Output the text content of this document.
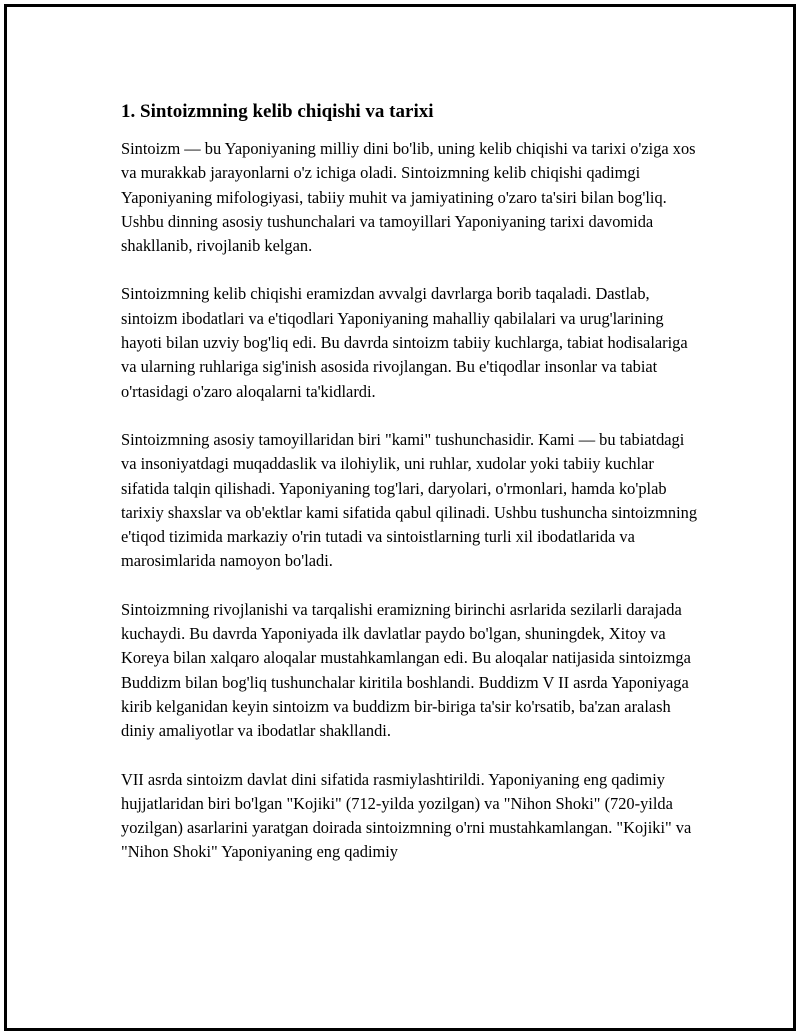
1. Sintoizmning kelib chiqishi va tarixi

Sintoizm — bu Yaponiyaning milliy dini bo'lib, uning kelib chiqishi va tarixi o'ziga xos va murakkab jarayonlarni o'z ichiga oladi. Sintoizmning kelib chiqishi qadimgi Yaponiyaning mifologiyasi, tabiiy muhit va jamiyatining o'zaro ta'siri bilan bog'liq. Ushbu dinning asosiy tushunchalari va tamoyillari Yaponiyaning tarixi davomida shakllanib, rivojlanib kelgan.

Sintoizmning kelib chiqishi eramizdan avvalgi davrlarga borib taqaladi. Dastlab, sintoizm ibodatlari va e'tiqodlari Yaponiyaning mahalliy qabilalari va urug'larining hayoti bilan uzviy bog'liq edi. Bu davrda sintoizm tabiiy kuchlarga, tabiat hodisalariga va ularning ruhlariga sig'inish asosida rivojlangan. Bu e'tiqodlar insonlar va tabiat o'rtasidagi o'zaro aloqalarni ta'kidlardi.

Sintoizmning asosiy tamoyillaridan biri "kami" tushunchasidir. Kami — bu tabiatdagi va insoniyatdagi muqaddaslik va ilohiylik, uni ruhlar, xudolar yoki tabiiy kuchlar sifatida talqin qilishadi. Yaponiyaning tog'lari, daryolari, o'rmonlari, hamda ko'plab tarixiy shaxslar va ob'ektlar kami sifatida qabul qilinadi. Ushbu tushuncha sintoizmning e'tiqod tizimida markaziy o'rin tutadi va sintoistlarning turli xil ibodatlarida va marosimlarida namoyon bo'ladi.

Sintoizmning rivojlanishi va tarqalishi eramizning birinchi asrlarida sezilarli darajada kuchaydi. Bu davrda Yaponiyada ilk davlatlar paydo bo'lgan, shuningdek, Xitoy va Koreya bilan xalqaro aloqalar mustahkamlangan edi. Bu aloqalar natijasida sintoizmga Buddizm bilan bog'liq tushunchalar kiritila boshlandi. Buddizm V II asrda Yaponiyaga kirib kelganidan keyin sintoizm va buddizm bir-biriga ta'sir ko'rsatib, ba'zan aralash diniy amaliyotlar va ibodatlar shakllandi.

VII asrda sintoizm davlat dini sifatida rasmiylashtirildi. Yaponiyaning eng qadimiy hujjatlaridan biri bo'lgan "Kojiki" (712-yilda yozilgan) va "Nihon Shoki" (720-yilda yozilgan) asarlarini yaratgan doirada sintoizmning o'rni mustahkamlangan. "Kojiki" va "Nihon Shoki" Yaponiyaning eng qadimiy
